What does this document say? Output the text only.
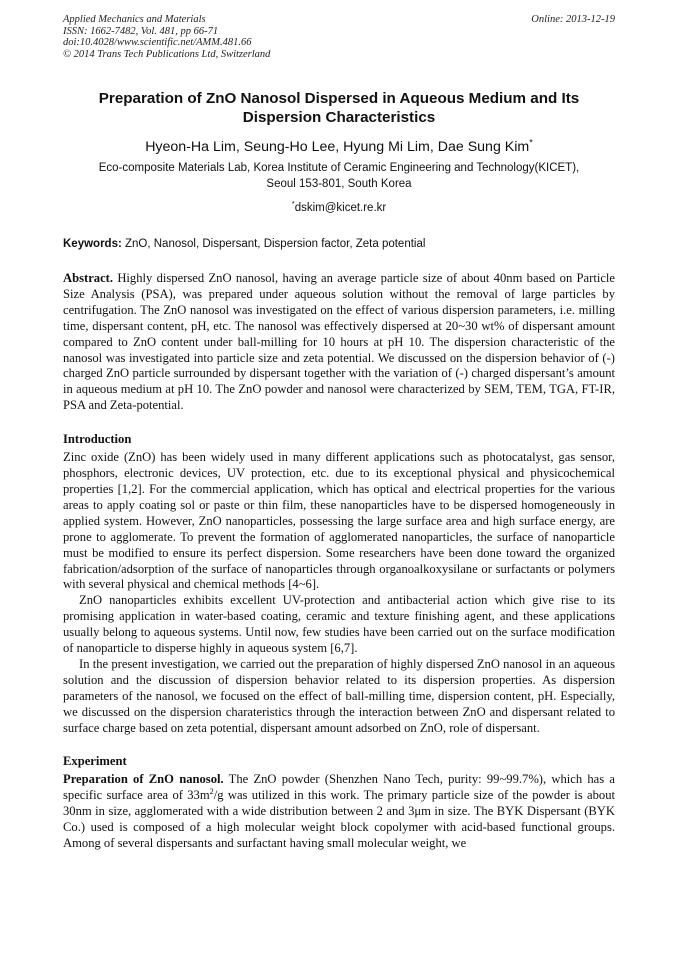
Applied Mechanics and Materials
ISSN: 1662-7482, Vol. 481, pp 66-71
doi:10.4028/www.scientific.net/AMM.481.66
© 2014 Trans Tech Publications Ltd, Switzerland
Online: 2013-12-19
Preparation of ZnO Nanosol Dispersed in Aqueous Medium and Its Dispersion Characteristics
Hyeon-Ha Lim, Seung-Ho Lee, Hyung Mi Lim, Dae Sung Kim*
Eco-composite Materials Lab, Korea Institute of Ceramic Engineering and Technology(KICET),
Seoul 153-801, South Korea
*dskim@kicet.re.kr
Keywords: ZnO, Nanosol, Dispersant, Dispersion factor, Zeta potential
Abstract. Highly dispersed ZnO nanosol, having an average particle size of about 40nm based on Particle Size Analysis (PSA), was prepared under aqueous solution without the removal of large particles by centrifugation. The ZnO nanosol was investigated on the effect of various dispersion parameters, i.e. milling time, dispersant content, pH, etc. The nanosol was effectively dispersed at 20~30 wt% of dispersant amount compared to ZnO content under ball-milling for 10 hours at pH 10. The dispersion characteristic of the nanosol was investigated into particle size and zeta potential. We discussed on the dispersion behavior of (-) charged ZnO particle surrounded by dispersant together with the variation of (-) charged dispersant’s amount in aqueous medium at pH 10. The ZnO powder and nanosol were characterized by SEM, TEM, TGA, FT-IR, PSA and Zeta-potential.
Introduction

Zinc oxide (ZnO) has been widely used in many different applications such as photocatalyst, gas sensor, phosphors, electronic devices, UV protection, etc. due to its exceptional physical and physicochemical properties [1,2]. For the commercial application, which has optical and electrical properties for the various areas to apply coating sol or paste or thin film, these nanoparticles have to be dispersed homogeneously in applied system. However, ZnO nanoparticles, possessing the large surface area and high surface energy, are prone to agglomerate. To prevent the formation of agglomerated nanoparticles, the surface of nanoparticle must be modified to ensure its perfect dispersion. Some researchers have been done toward the organized fabrication/adsorption of the surface of nanoparticles through organoalkoxysilane or surfactants or polymers with several physical and chemical methods [4~6].

ZnO nanoparticles exhibits excellent UV-protection and antibacterial action which give rise to its promising application in water-based coating, ceramic and texture finishing agent, and these applications usually belong to aqueous systems. Until now, few studies have been carried out on the surface modification of nanoparticle to disperse highly in aqueous system [6,7].

In the present investigation, we carried out the preparation of highly dispersed ZnO nanosol in an aqueous solution and the discussion of dispersion behavior related to its dispersion properties. As dispersion parameters of the nanosol, we focused on the effect of ball-milling time, dispersion content, pH. Especially, we discussed on the dispersion charateristics through the interaction between ZnO and dispersant related to surface charge based on zeta potential, dispersant amount adsorbed on ZnO, role of dispersant.

Experiment

Preparation of ZnO nanosol. The ZnO powder (Shenzhen Nano Tech, purity: 99~99.7%), which has a specific surface area of $33m^2/g$ was utilized in this work. The primary particle size of the powder is about 30nm in size, agglomerated with a wide distribution between 2 and 3μm in size. The BYK Dispersant (BYK Co.) used is composed of a high molecular weight block copolymer with acid-based functional groups. Among of several dispersants and surfactant having small molecular weight, we
